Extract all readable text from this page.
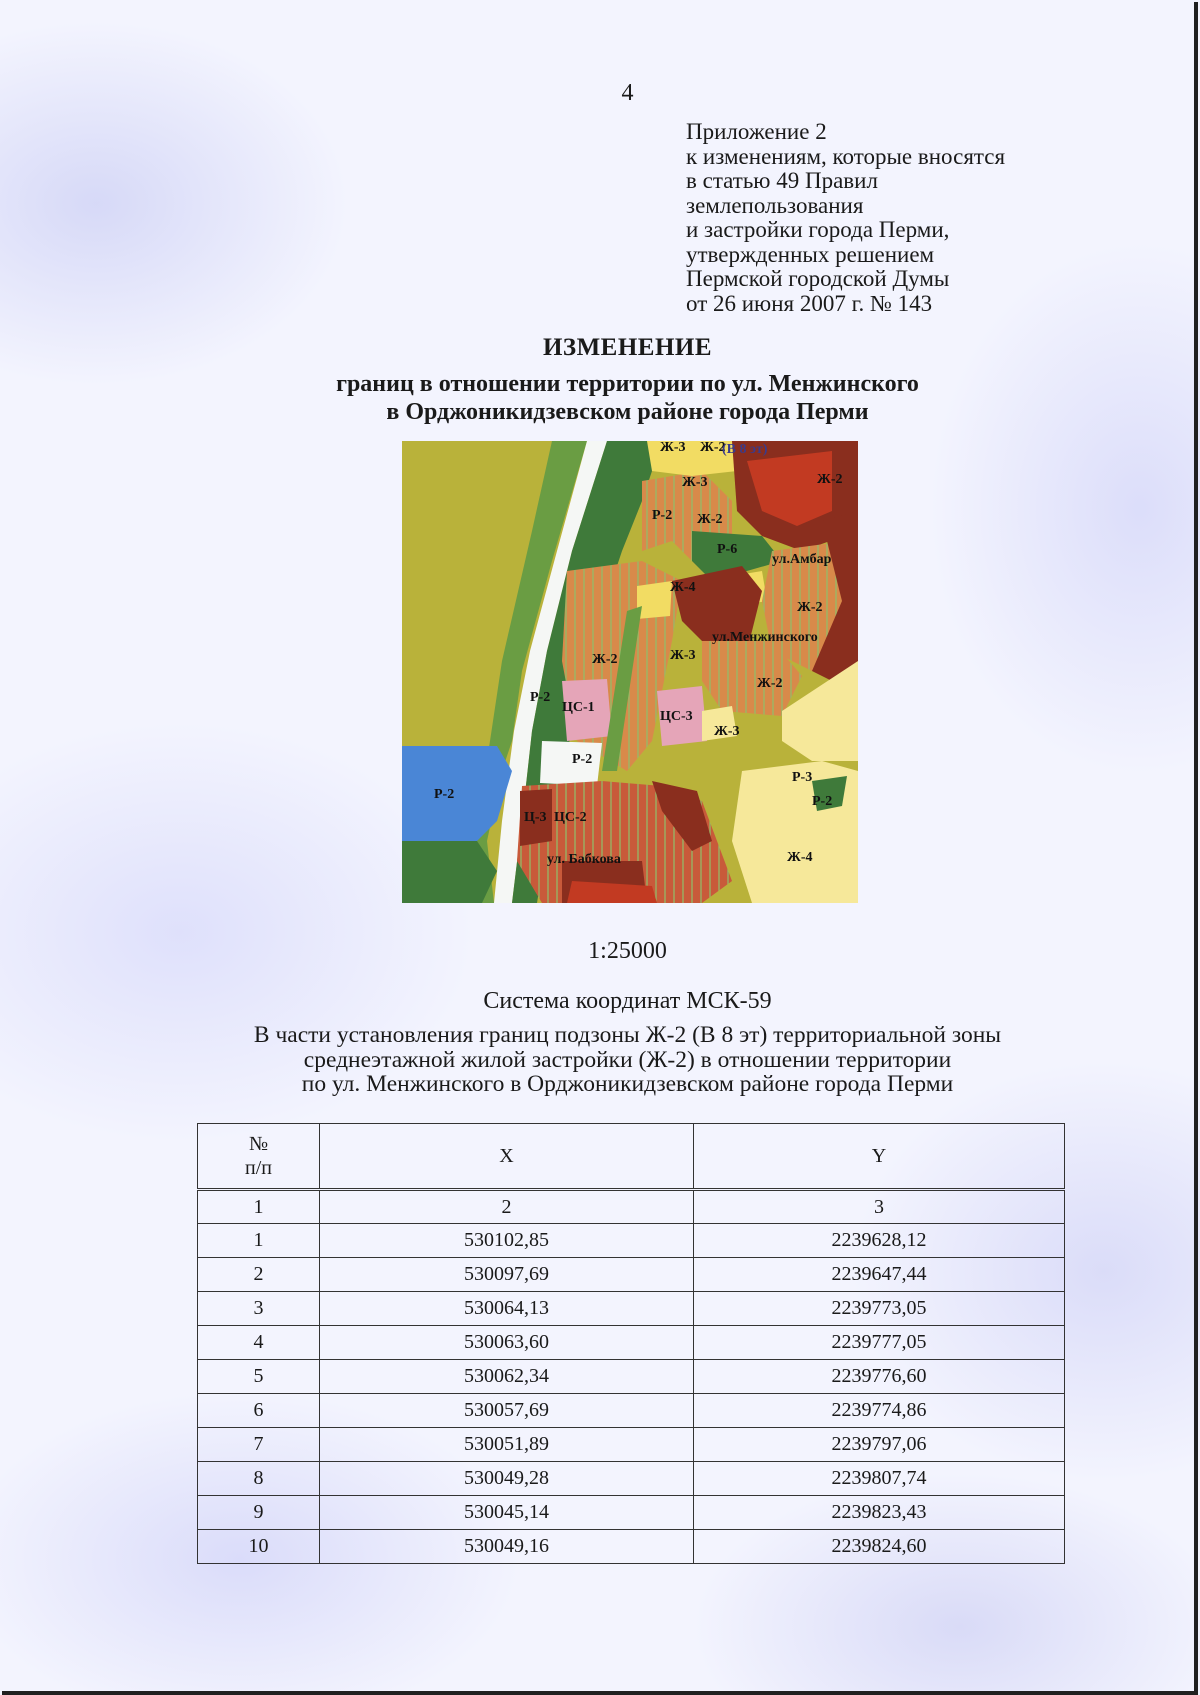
4
Приложение 2
к изменениям, которые вносятся
в статью 49 Правил
землепользования
и застройки города Перми,
утвержденных решением
Пермской городской Думы
от 26 июня 2007 г. № 143
ИЗМЕНЕНИЕ
границ в отношении территории по ул. Менжинского
в Орджоникидзевском районе города Перми
Ж-3 Ж-2
(В 8 эт)
Ж-3	Ж-2
Р-2 Ж-2
Р-6
ул.Амбар
Ж-4
Ж-2
ул.Менжинского
Ж-2	Ж-3
Ж-2
Р-2
ЦС-1
ЦС-3
Ж-3
Р-3
Р-2
Р-2
Р-2
Ц-3 ЦС-2
ул. Бабкова	Ж-4
1:25000
Система координат МСК-59
В части установления границ подзоны Ж-2 (В 8 эт) территориальной зоны
среднеэтажной жилой застройки (Ж-2) в отношении территории
по ул. Менжинского в Орджоникидзевском районе города Перми
№
п/п	X	Y
1	2	3
1	530102,85	2239628,12
2	530097,69	2239647,44
3	530064,13	2239773,05
4	530063,60	2239777,05
5	530062,34	2239776,60
6	530057,69	2239774,86
7	530051,89	2239797,06
8	530049,28	2239807,74
9	530045,14	2239823,43
10	530049,16	2239824,60
